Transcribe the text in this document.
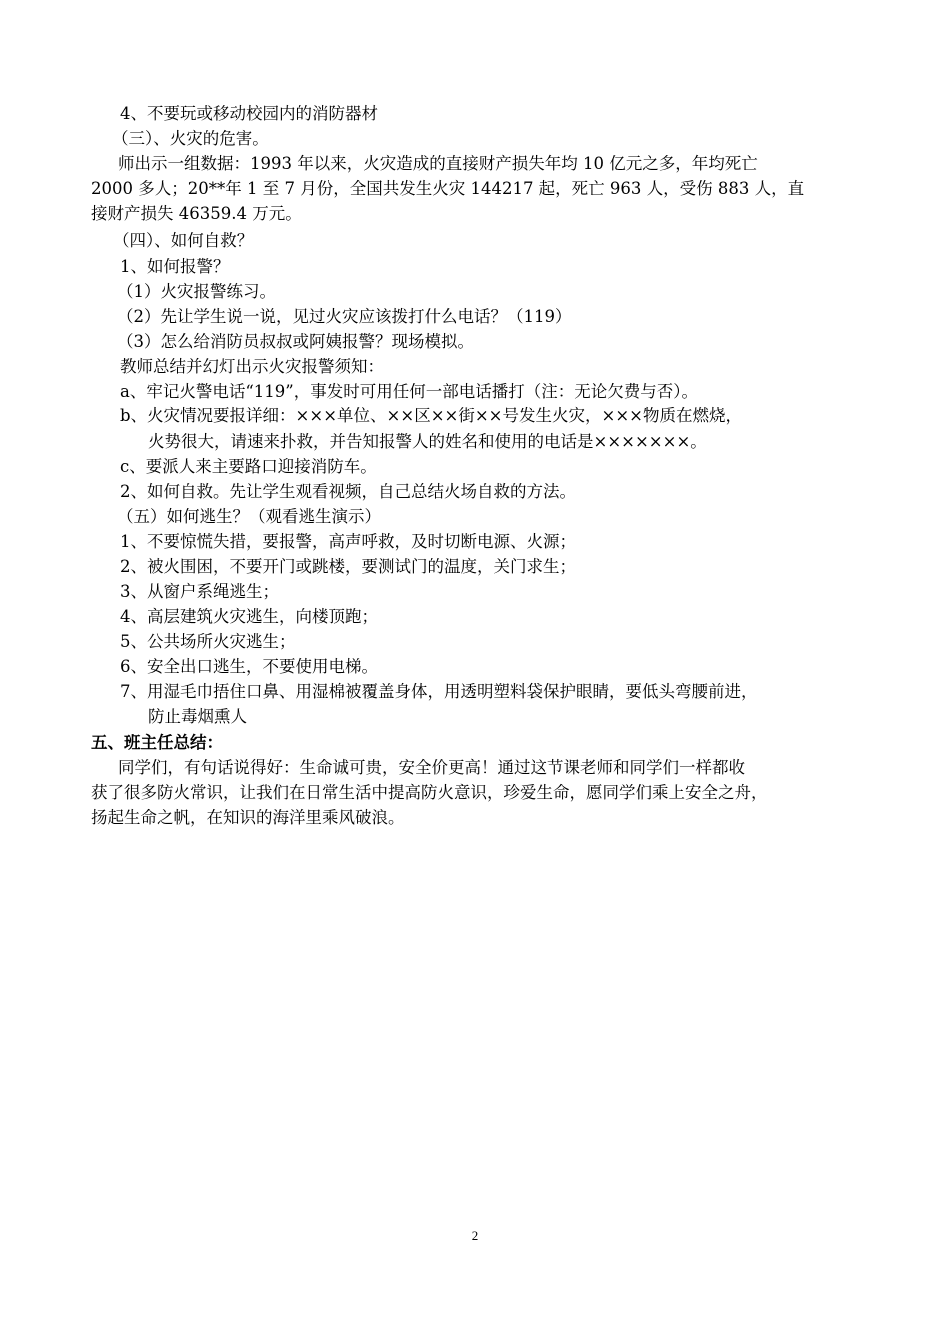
4、不要玩或移动校园内的消防器材

（三）、火灾的危害。

师出示一组数据：1993 年以来，火灾造成的直接财产损失年均 10 亿元之多，年均死亡

2000 多人；20**年 1 至 7 月份，全国共发生火灾 144217 起，死亡 963 人，受伤 883 人，直

接财产损失 46359.4 万元。

（四）、如何自救？

1、如何报警？

（1）火灾报警练习。

（2）先让学生说一说，见过火灾应该拨打什么电话？（119）

（3）怎么给消防员叔叔或阿姨报警？现场模拟。

教师总结并幻灯出示火灾报警须知：

a、牢记火警电话“119”，事发时可用任何一部电话播打（注：无论欠费与否）。

b、火灾情况要报详细：×××单位、××区××街××号发生火灾，×××物质在燃烧，

火势很大，请速来扑救，并告知报警人的姓名和使用的电话是×××××××。

c、要派人来主要路口迎接消防车。

2、如何自救。先让学生观看视频，自己总结火场自救的方法。

（五）如何逃生？（观看逃生演示）

1、不要惊慌失措，要报警，高声呼救，及时切断电源、火源；

2、被火围困，不要开门或跳楼，要测试门的温度，关门求生；

3、从窗户系绳逃生；

4、高层建筑火灾逃生，向楼顶跑；

5、公共场所火灾逃生；

6、安全出口逃生，不要使用电梯。

7、用湿毛巾捂住口鼻、用湿棉被覆盖身体，用透明塑料袋保护眼睛，要低头弯腰前进，

防止毒烟熏人

五、班主任总结：

同学们，有句话说得好：生命诚可贵，安全价更高！通过这节课老师和同学们一样都收

获了很多防火常识，让我们在日常生活中提高防火意识，珍爱生命，愿同学们乘上安全之舟，

扬起生命之帆，在知识的海洋里乘风破浪。

2
